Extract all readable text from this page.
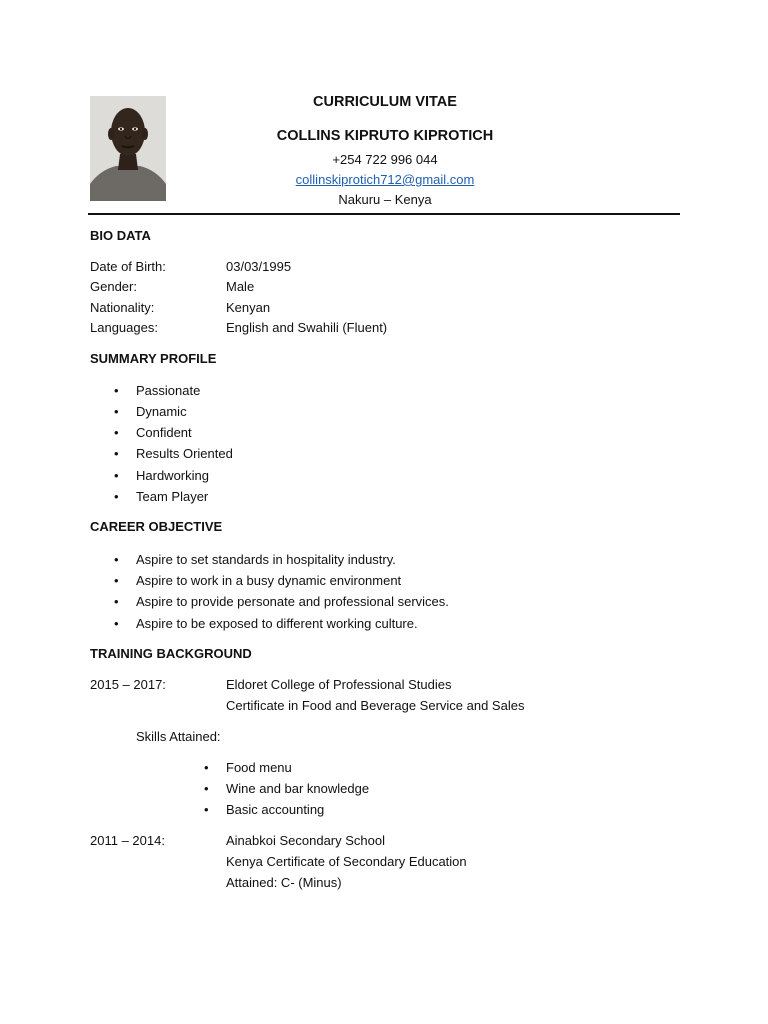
CURRICULUM VITAE
COLLINS KIPRUTO KIPROTICH
+254 722 996 044
collinskiprotich712@gmail.com
Nakuru – Kenya
BIO DATA
Date of Birth:	03/03/1995
Gender:	Male
Nationality:	Kenyan
Languages:	English and Swahili (Fluent)
SUMMARY PROFILE
• Passionate
• Dynamic
• Confident
• Results Oriented
• Hardworking
• Team Player
CAREER OBJECTIVE
• Aspire to set standards in hospitality industry.
• Aspire to work in a busy dynamic environment
• Aspire to provide personate and professional services.
• Aspire to be exposed to different working culture.
TRAINING BACKGROUND
2015 – 2017:	Eldoret College of Professional Studies
Certificate in Food and Beverage Service and Sales
Skills Attained:
• Food menu
• Wine and bar knowledge
• Basic accounting
2011 – 2014:	Ainabkoi Secondary School
Kenya Certificate of Secondary Education
Attained: C- (Minus)
